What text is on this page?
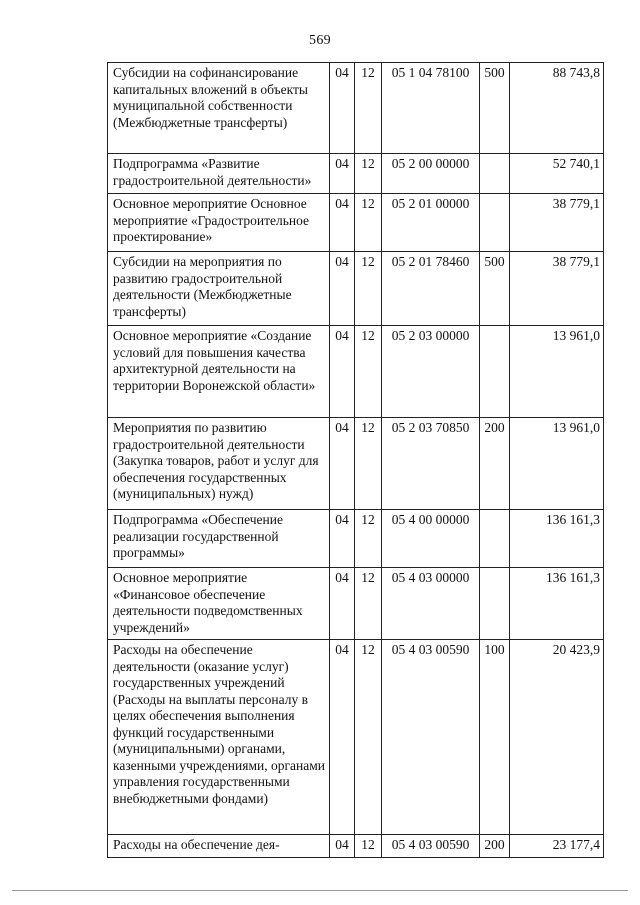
569
Субсидии на софинансирование капитальных вложений в объекты муниципальной собственности (Межбюджетные трансферты)	04	12	05 1 04 78100	500	88 743,8
Подпрограмма «Развитие градостроительной деятельности»	04	12	05 2 00 00000		52 740,1
Основное мероприятие Основное мероприятие «Градостроительное проектирование»	04	12	05 2 01 00000		38 779,1
Субсидии на мероприятия по развитию градостроительной деятельности (Межбюджетные трансферты)	04	12	05 2 01 78460	500	38 779,1
Основное мероприятие «Создание условий для повышения качества архитектурной деятельности на территории Воронежской области»	04	12	05 2 03 00000		13 961,0
Мероприятия по развитию градостроительной деятельности (Закупка товаров, работ и услуг для обеспечения государственных (муниципальных) нужд)	04	12	05 2 03 70850	200	13 961,0
Подпрограмма «Обеспечение реализации государственной программы»	04	12	05 4 00 00000		136 161,3
Основное мероприятие «Финансовое обеспечение деятельности подведомственных учреждений»	04	12	05 4 03 00000		136 161,3
Расходы на обеспечение деятельности (оказание услуг) государственных учреждений (Расходы на выплаты персоналу в целях обеспечения выполнения функций государственными (муниципальными) органами, казенными учреждениями, органами управления государственными внебюджетными фондами)	04	12	05 4 03 00590	100	20 423,9
Расходы на обеспечение дея-	04	12	05 4 03 00590	200	23 177,4
